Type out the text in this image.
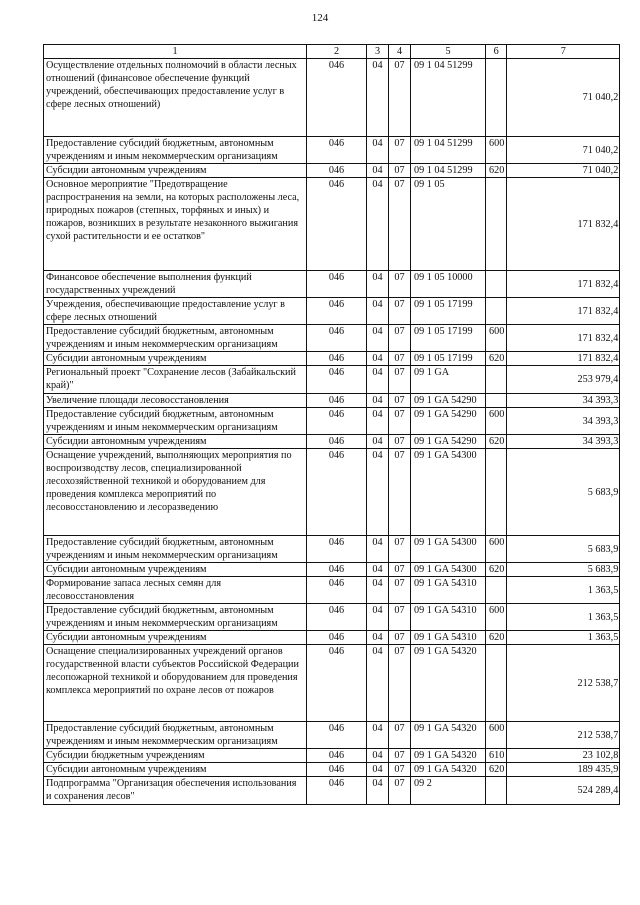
124
1	2	3	4	5	6	7
Осуществление отдельных полномочий в области лесных отношений (финансовое обеспечение функций учреждений, обеспечивающих предоставление услуг в сфере лесных отношений)	046	04	07	09 1 04 51299		71 040,2
Предоставление субсидий бюджетным, автономным учреждениям и иным некоммерческим организациям	046	04	07	09 1 04 51299	600	71 040,2
Субсидии автономным учреждениям	046	04	07	09 1 04 51299	620	71 040,2
Основное мероприятие "Предотвращение распространения на земли, на которых расположены леса, природных пожаров (степных, торфяных и иных) и пожаров, возникших в результате незаконного выжигания сухой растительности и ее остатков"	046	04	07	09 1 05		171 832,4
Финансовое обеспечение выполнения функций государственных учреждений	046	04	07	09 1 05 10000		171 832,4
Учреждения, обеспечивающие предоставление услуг в сфере лесных отношений	046	04	07	09 1 05 17199		171 832,4
Предоставление субсидий бюджетным, автономным учреждениям и иным некоммерческим организациям	046	04	07	09 1 05 17199	600	171 832,4
Субсидии автономным учреждениям	046	04	07	09 1 05 17199	620	171 832,4
Региональный проект "Сохранение лесов (Забайкальский край)"	046	04	07	09 1 GA		253 979,4
Увеличение площади лесовосстановления	046	04	07	09 1 GA 54290		34 393,3
Предоставление субсидий бюджетным, автономным учреждениям и иным некоммерческим организациям	046	04	07	09 1 GA 54290	600	34 393,3
Субсидии автономным учреждениям	046	04	07	09 1 GA 54290	620	34 393,3
Оснащение учреждений, выполняющих мероприятия по воспроизводству лесов, специализированной лесохозяйственной техникой и оборудованием для проведения комплекса мероприятий по лесовосстановлению и лесоразведению	046	04	07	09 1 GA 54300		5 683,9
Предоставление субсидий бюджетным, автономным учреждениям и иным некоммерческим организациям	046	04	07	09 1 GA 54300	600	5 683,9
Субсидии автономным учреждениям	046	04	07	09 1 GA 54300	620	5 683,9
Формирование запаса лесных семян для лесовосстановления	046	04	07	09 1 GA 54310		1 363,5
Предоставление субсидий бюджетным, автономным учреждениям и иным некоммерческим организациям	046	04	07	09 1 GA 54310	600	1 363,5
Субсидии автономным учреждениям	046	04	07	09 1 GA 54310	620	1 363,5
Оснащение специализированных учреждений органов государственной власти субъектов Российской Федерации лесопожарной техникой и оборудованием для проведения комплекса мероприятий по охране лесов от пожаров	046	04	07	09 1 GA 54320		212 538,7
Предоставление субсидий бюджетным, автономным учреждениям и иным некоммерческим организациям	046	04	07	09 1 GA 54320	600	212 538,7
Субсидии бюджетным учреждениям	046	04	07	09 1 GA 54320	610	23 102,8
Субсидии автономным учреждениям	046	04	07	09 1 GA 54320	620	189 435,9
Подпрограмма "Организация обеспечения использования и сохранения лесов"	046	04	07	09 2		524 289,4
